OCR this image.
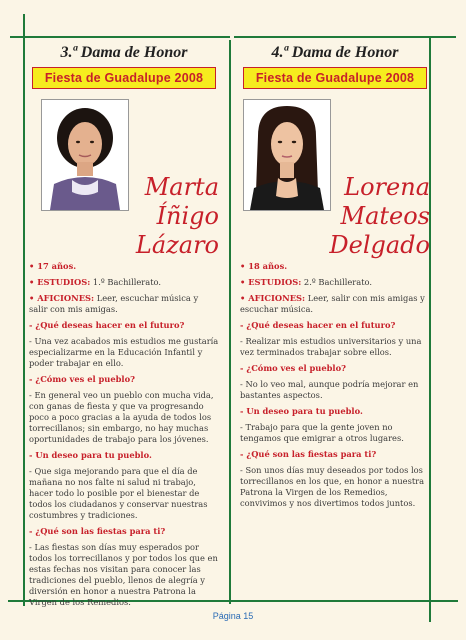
3.ª Dama de Honor
Fiesta de Guadalupe 2008
Marta
Íñigo
Lázaro

• 17 años.

• ESTUDIOS: 1.º Bachillerato.

• AFICIONES: Leer, escuchar música y salir con mis amigas.

- ¿Qué deseas hacer en el futuro?

- Una vez acabados mis estudios me gustaría especializarme en la Educación Infantil y poder trabajar en ello.

- ¿Cómo ves el pueblo?

- En general veo un pueblo con mucha vida, con ganas de fiesta y que va progresando poco a poco gracias a la ayuda de todos los torrecillanos; sin embargo, no hay muchas oportunidades de trabajo para los jóvenes.

- Un deseo para tu pueblo.

- Que siga mejorando para que el día de mañana no nos falte ni salud ni trabajo, hacer todo lo posible por el bienestar de todos los ciudadanos y conservar nuestras costumbres y tradiciones.

- ¿Qué son las fiestas para ti?

- Las fiestas son días muy esperados por todos los torrecillanos y por todos los que en estas fechas nos visitan para conocer las tradiciones del pueblo, llenos de alegría y diversión en honor a nuestra Patrona la Virgen de los Remedios.

4.ª Dama de Honor
Fiesta de Guadalupe 2008
Lorena
Mateos
Delgado

• 18 años.

• ESTUDIOS: 2.º Bachillerato.

• AFICIONES: Leer, salir con mis amigas y escuchar música.

- ¿Qué deseas hacer en el futuro?

- Realizar mis estudios universitarios y una vez terminados trabajar sobre ellos.

- ¿Cómo ves el pueblo?

- No lo veo mal, aunque podría mejorar en bastantes aspectos.

- Un deseo para tu pueblo.

- Trabajo para que la gente joven no tengamos que emigrar a otros lugares.

- ¿Qué son las fiestas para ti?

- Son unos días muy deseados por todos los torrecillanos en los que, en honor a nuestra Patrona la Virgen de los Remedios, convivimos y nos divertimos todos juntos.

Página 15
